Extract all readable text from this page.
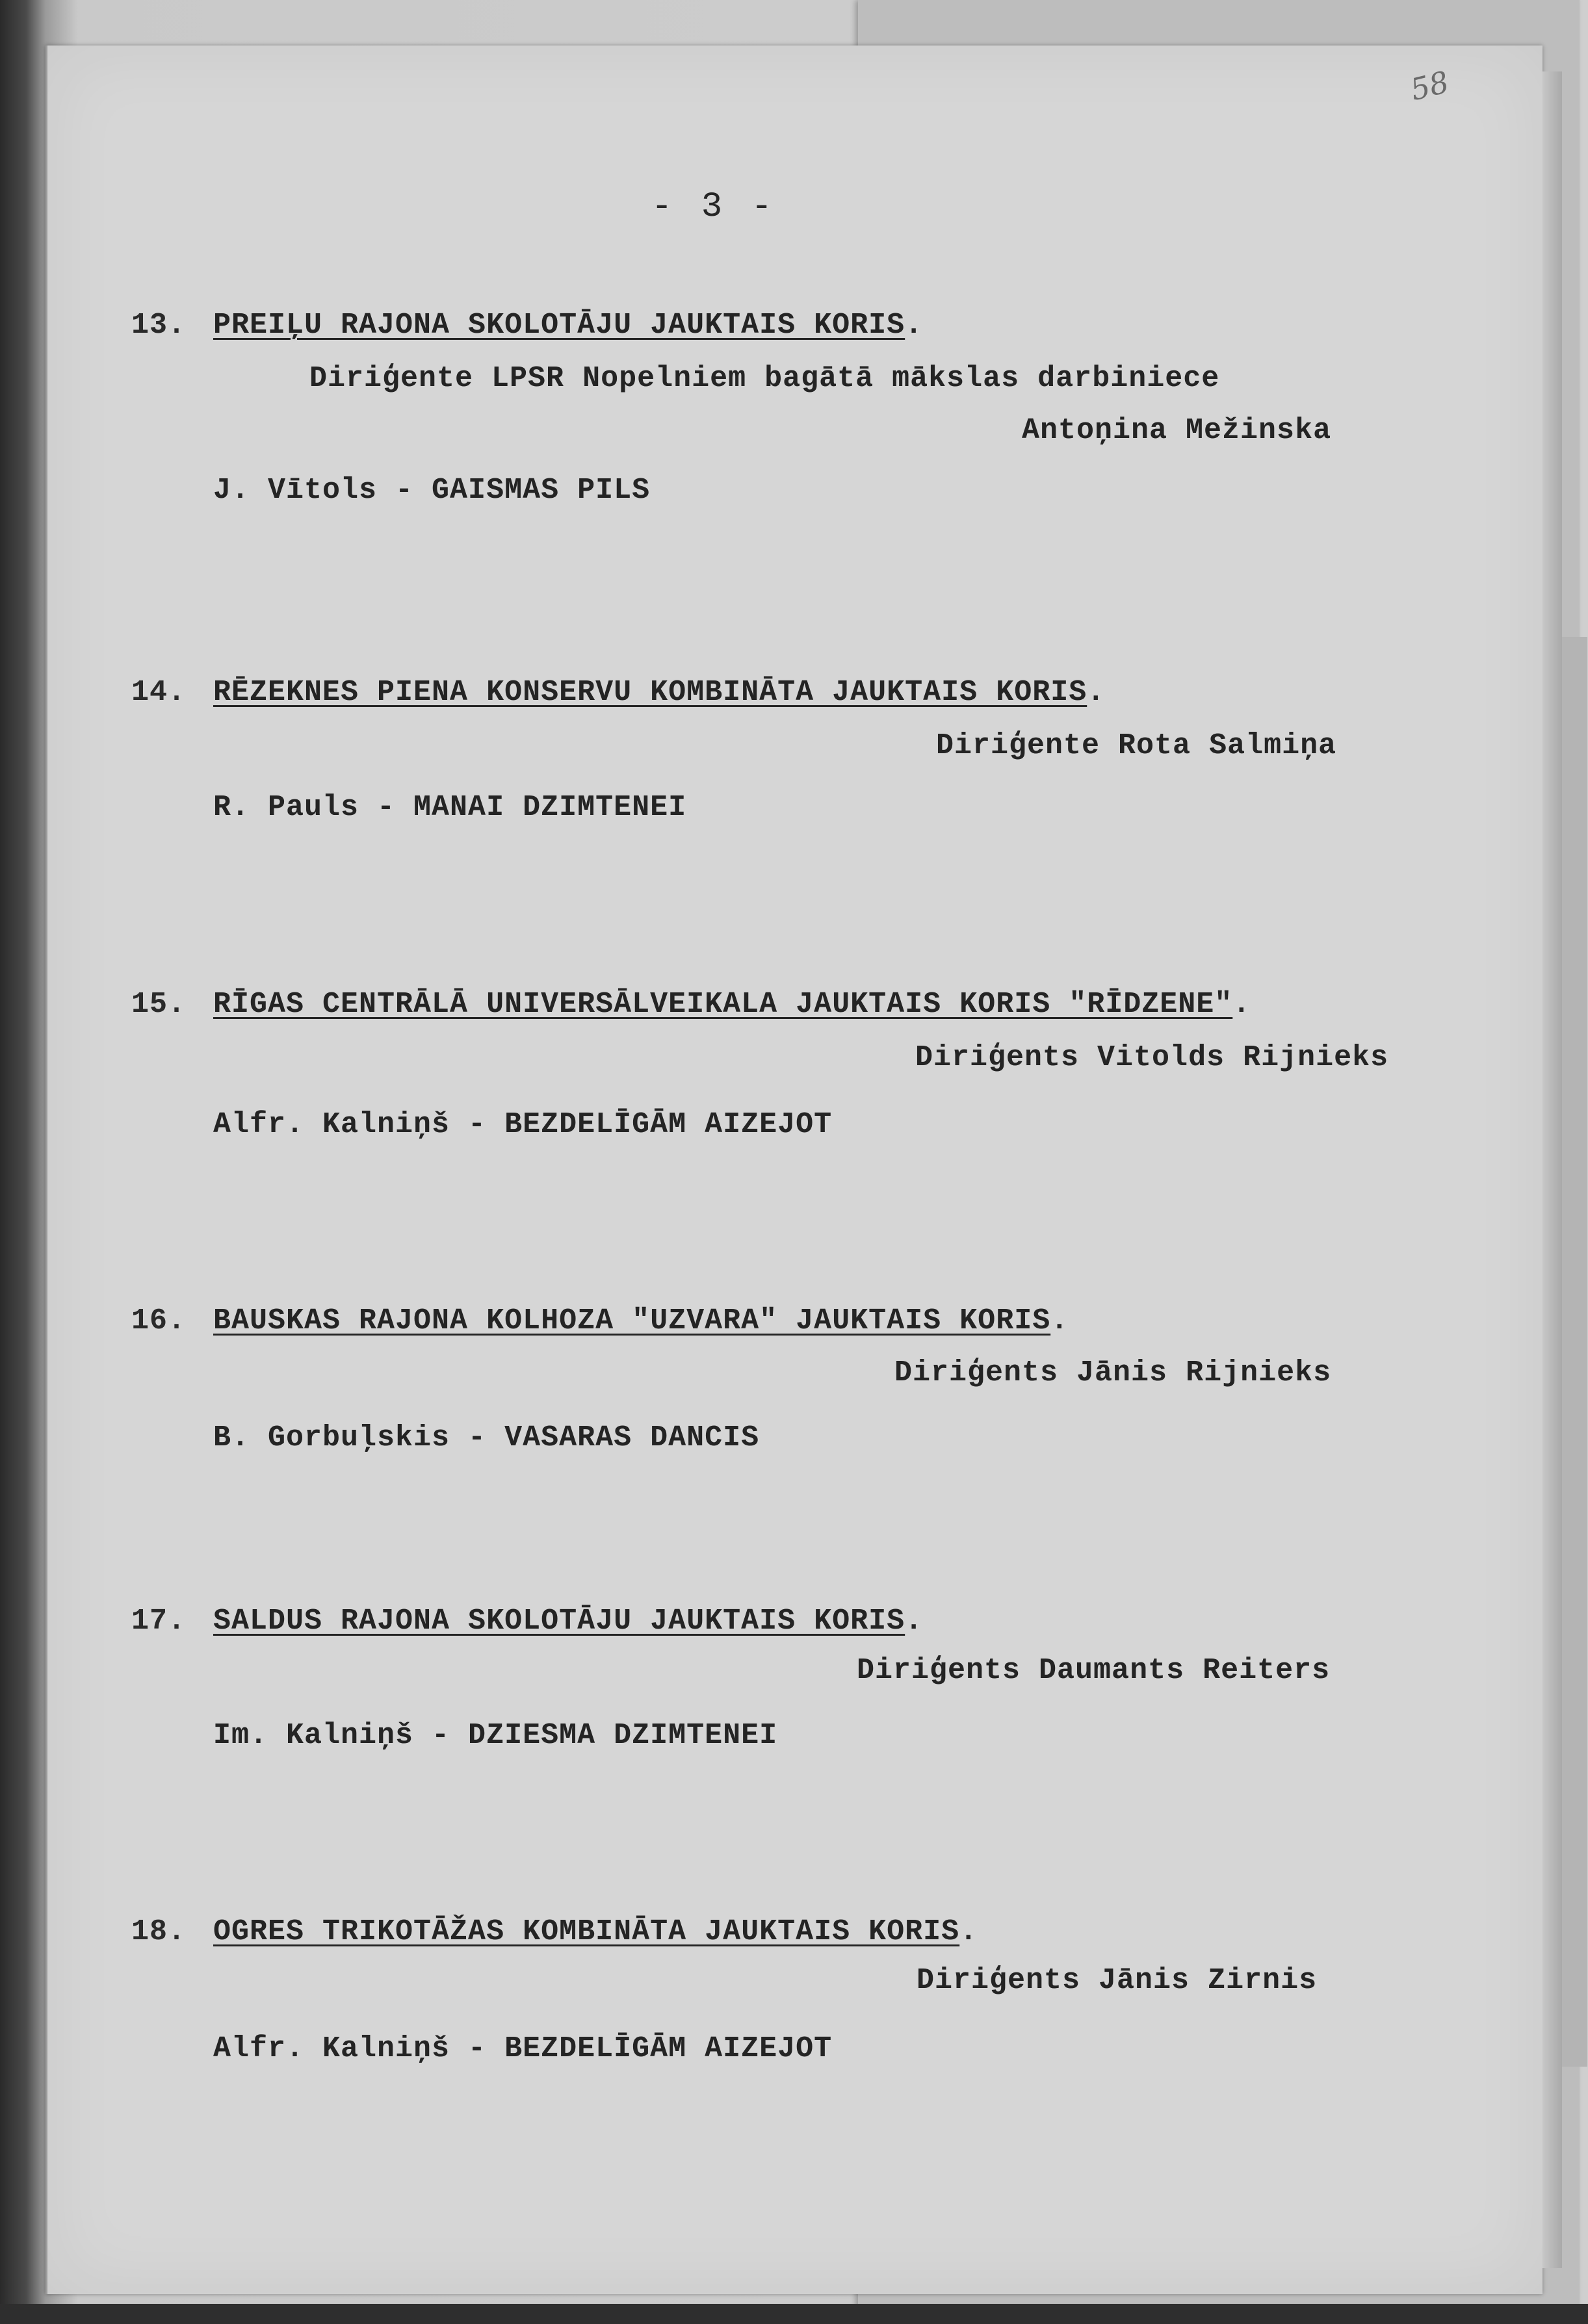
58
- 3 -
13. PREIĻU RAJONA SKOLOTĀJU JAUKTAIS KORIS.
Diriģente LPSR Nopelniem bagātā mākslas darbiniece
Antoņina Mežinska
J. Vītols - GAISMAS PILS
14. RĒZEKNES PIENA KONSERVU KOMBINĀTA JAUKTAIS KORIS.
Diriģente Rota Salmiņa
R. Pauls - MANAI DZIMTENEI
15. RĪGAS CENTRĀLĀ UNIVERSĀLVEIKALA JAUKTAIS KORIS "RĪDZENE".
Diriģents Vitolds Rijnieks
Alfr. Kalniņš - BEZDELĪGĀM AIZEJOT
16. BAUSKAS RAJONA KOLHOZA "UZVARA" JAUKTAIS KORIS.
Diriģents Jānis Rijnieks
B. Gorbuļskis - VASARAS DANCIS
17. SALDUS RAJONA SKOLOTĀJU JAUKTAIS KORIS.
Diriģents Daumants Reiters
Im. Kalniņš - DZIESMA DZIMTENEI
18. OGRES TRIKOTĀŽAS KOMBINĀTA JAUKTAIS KORIS.
Diriģents Jānis Zirnis
Alfr. Kalniņš - BEZDELĪGĀM AIZEJOT
